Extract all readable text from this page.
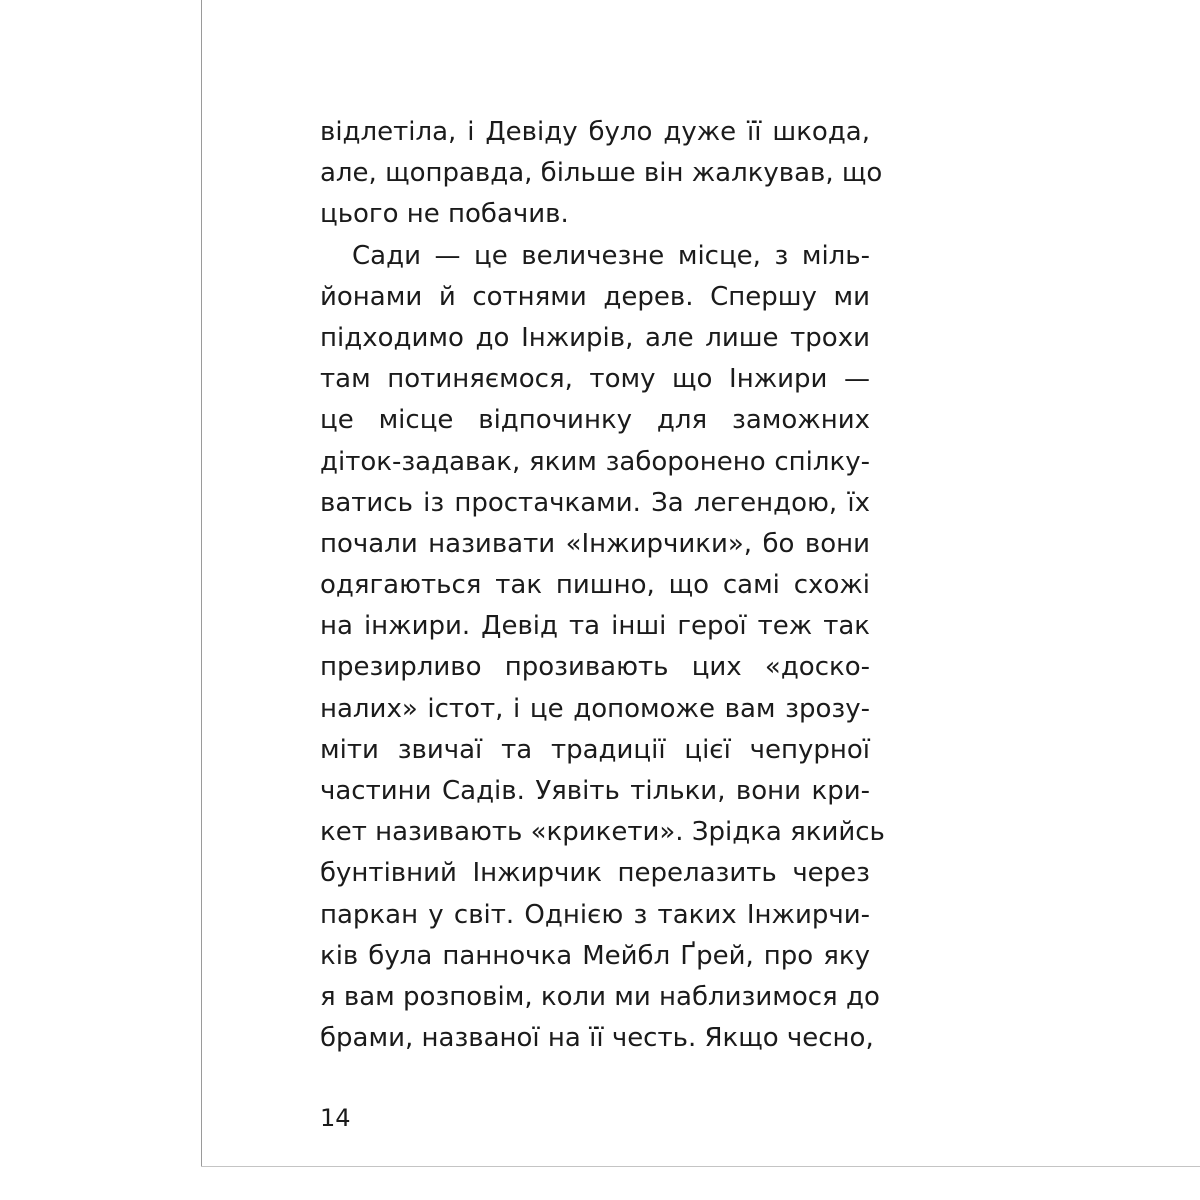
відлетіла, і Девіду було дуже її шкода,
але, щоправда, більше він жалкував, що
цього не побачив.
Сади — це величезне місце, з міль-
йонами й сотнями дерев. Спершу ми
підходимо до Інжирів, але лише трохи
там потиняємося, тому що Інжири —
це місце відпочинку для заможних
діток-задавак, яким заборонено спілку-
ватись із простачками. За легендою, їх
почали називати «Інжирчики», бо вони
одягаються так пишно, що самі схожі
на інжири. Девід та інші герої теж так
презирливо прозивають цих «доско-
налих» істот, і це допоможе вам зрозу-
міти звичаї та традиції цієї чепурної
частини Садів. Уявіть тільки, вони кри-
кет називають «крикети». Зрідка якийсь
бунтівний Інжирчик перелазить через
паркан у світ. Однією з таких Інжирчи-
ків була панночка Мейбл Ґрей, про яку
я вам розповім, коли ми наблизимося до
брами, названої на її честь. Якщо чесно,
14
